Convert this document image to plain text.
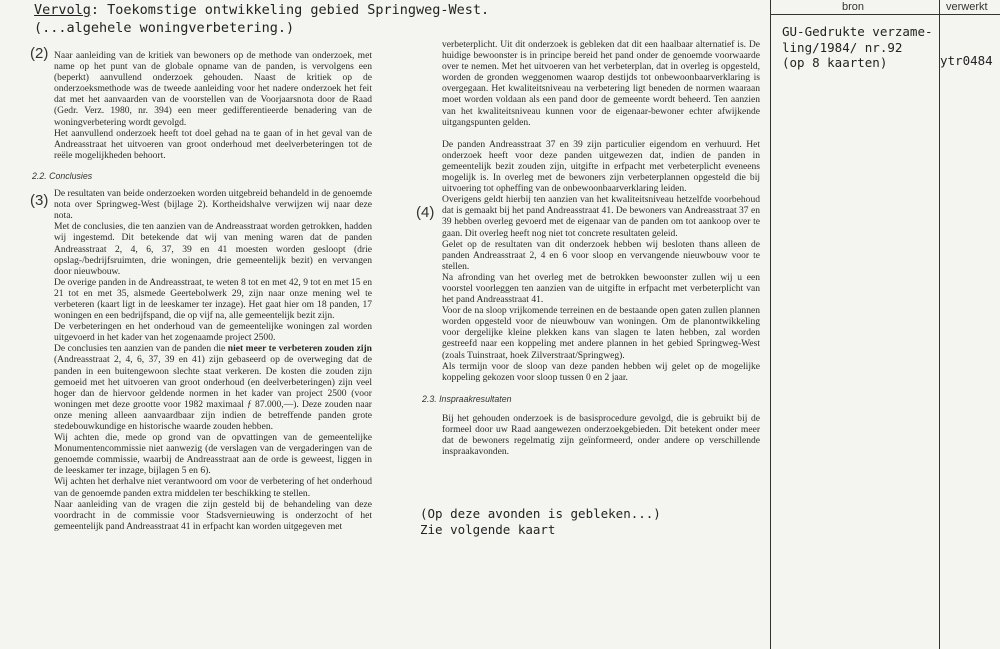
Vervolg: Toekomstige ontwikkeling gebied Springweg-West.
(...algehele woningverbetering.)
(2)
(3)
(4)

Naar aanleiding van de kritiek van bewoners op de methode van onderzoek, met name op het punt van de globale opname van de panden, is vervolgens een (beperkt) aanvullend onderzoek gehouden. Naast de kritiek op de onderzoeksmethode was de tweede aanleiding voor het nadere onderzoek het feit dat met het aanvaarden van de voorstellen van de Voorjaarsnota door de Raad (Gedr. Verz. 1980, nr. 394) een meer gedifferentieerde benadering van de woningverbetering wordt gevolgd.

Het aanvullend onderzoek heeft tot doel gehad na te gaan of in het geval van de Andreasstraat het uitvoeren van groot onderhoud met deelverbeteringen tot de reële mogelijkheden behoort.

2.2. Conclusies

De resultaten van beide onderzoeken worden uitgebreid behandeld in de genoemde nota over Springweg-West (bijlage 2). Kortheidshalve verwijzen wij naar deze nota.

Met de conclusies, die ten aanzien van de Andreasstraat worden getrokken, hadden wij ingestemd. Dit betekende dat wij van mening waren dat de panden Andreasstraat 2, 4, 6, 37, 39 en 41 moesten worden gesloopt (drie opslag-/bedrijfsruimten, drie woningen, drie gemeentelijk bezit) en vervangen door nieuwbouw.

De overige panden in de Andreasstraat, te weten 8 tot en met 42, 9 tot en met 15 en 21 tot en met 35, alsmede Geertebolwerk 29, zijn naar onze mening wel te verbeteren (kaart ligt in de leeskamer ter inzage). Het gaat hier om 18 panden, 17 woningen en een bedrijfspand, die op vijf na, alle gemeentelijk bezit zijn.

De verbeteringen en het onderhoud van de gemeentelijke woningen zal worden uitgevoerd in het kader van het zogenaamde project 2500.

De conclusies ten aanzien van de panden die niet meer te verbeteren zouden zijn (Andreasstraat 2, 4, 6, 37, 39 en 41) zijn gebaseerd op de overweging dat de panden in een buitengewoon slechte staat verkeren. De kosten die zouden zijn gemoeid met het uitvoeren van groot onderhoud (en deelverbeteringen) zijn veel hoger dan de hiervoor geldende normen in het kader van project 2500 (voor woningen met deze grootte voor 1982 maximaal ƒ 87.000,—). Deze zouden naar onze mening alleen aanvaardbaar zijn indien de betreffende panden grote stedebouwkundige en historische waarde zouden hebben.

Wij achten die, mede op grond van de opvattingen van de gemeentelijke Monumentencommissie niet aanwezig (de verslagen van de vergaderingen van de genoemde commissie, waarbij de Andreasstraat aan de orde is geweest, liggen in de leeskamer ter inzage, bijlagen 5 en 6).

Wij achten het derhalve niet verantwoord om voor de verbetering of het onderhoud van de genoemde panden extra middelen ter beschikking te stellen.

Naar aanleiding van de vragen die zijn gesteld bij de behandeling van deze voordracht in de commissie voor Stadsvernieuwing is onderzocht of het gemeentelijk pand Andreasstraat 41 in erfpacht kan worden uitgegeven met

verbeterplicht. Uit dit onderzoek is gebleken dat dit een haalbaar alternatief is. De huidige bewoonster is in principe bereid het pand onder de genoemde voorwaarde over te nemen. Met het uitvoeren van het verbeterplan, dat in overleg is opgesteld, worden de gronden weggenomen waarop destijds tot onbewoonbaarverklaring is overgegaan. Het kwaliteitsniveau na verbetering ligt beneden de normen waaraan moet worden voldaan als een pand door de gemeente wordt beheerd. Ten aanzien van het kwaliteitsniveau kunnen voor de eigenaar-bewoner echter afwijkende uitgangspunten gelden.

De panden Andreasstraat 37 en 39 zijn particulier eigendom en verhuurd. Het onderzoek heeft voor deze panden uitgewezen dat, indien de panden in gemeentelijk bezit zouden zijn, uitgifte in erfpacht met verbeterplicht eveneens mogelijk is. In overleg met de bewoners zijn verbeterplannen opgesteld die bij uitvoering tot opheffing van de onbewoonbaarverklaring leiden.

Overigens geldt hierbij ten aanzien van het kwaliteitsniveau hetzelfde voorbehoud dat is gemaakt bij het pand Andreasstraat 41. De bewoners van Andreasstraat 37 en 39 hebben overleg gevoerd met de eigenaar van de panden om tot aankoop over te gaan. Dit overleg heeft nog niet tot concrete resultaten geleid.

Gelet op de resultaten van dit onderzoek hebben wij besloten thans alleen de panden Andreasstraat 2, 4 en 6 voor sloop en vervangende nieuwbouw voor te stellen.

Na afronding van het overleg met de betrokken bewoonster zullen wij u een voorstel voorleggen ten aanzien van de uitgifte in erfpacht met verbeterplicht van het pand Andreasstraat 41.

Voor de na sloop vrijkomende terreinen en de bestaande open gaten zullen plannen worden opgesteld voor de nieuwbouw van woningen. Om de planontwikkeling voor dergelijke kleine plekken kans van slagen te laten hebben, zal worden gestreefd naar een koppeling met andere plannen in het gebied Springweg-West (zoals Tuinstraat, hoek Zilverstraat/Springweg).

Als termijn voor de sloop van deze panden hebben wij gelet op de mogelijke koppeling gekozen voor sloop tussen 0 en 2 jaar.

2.3. Inspraakresultaten

Bij het gehouden onderzoek is de basisprocedure gevolgd, die is gebruikt bij de formeel door uw Raad aangewezen onderzoekgebieden. Dit betekent onder meer dat de bewoners regelmatig zijn geïnformeerd, onder andere op verschillende inspraakavonden.

(Op deze avonden is gebleken...)
Zie volgende kaart
bron	verwerkt
GU-Gedrukte verzame-
ling/1984/ nr.92
(op 8 kaarten)	ytr0484
